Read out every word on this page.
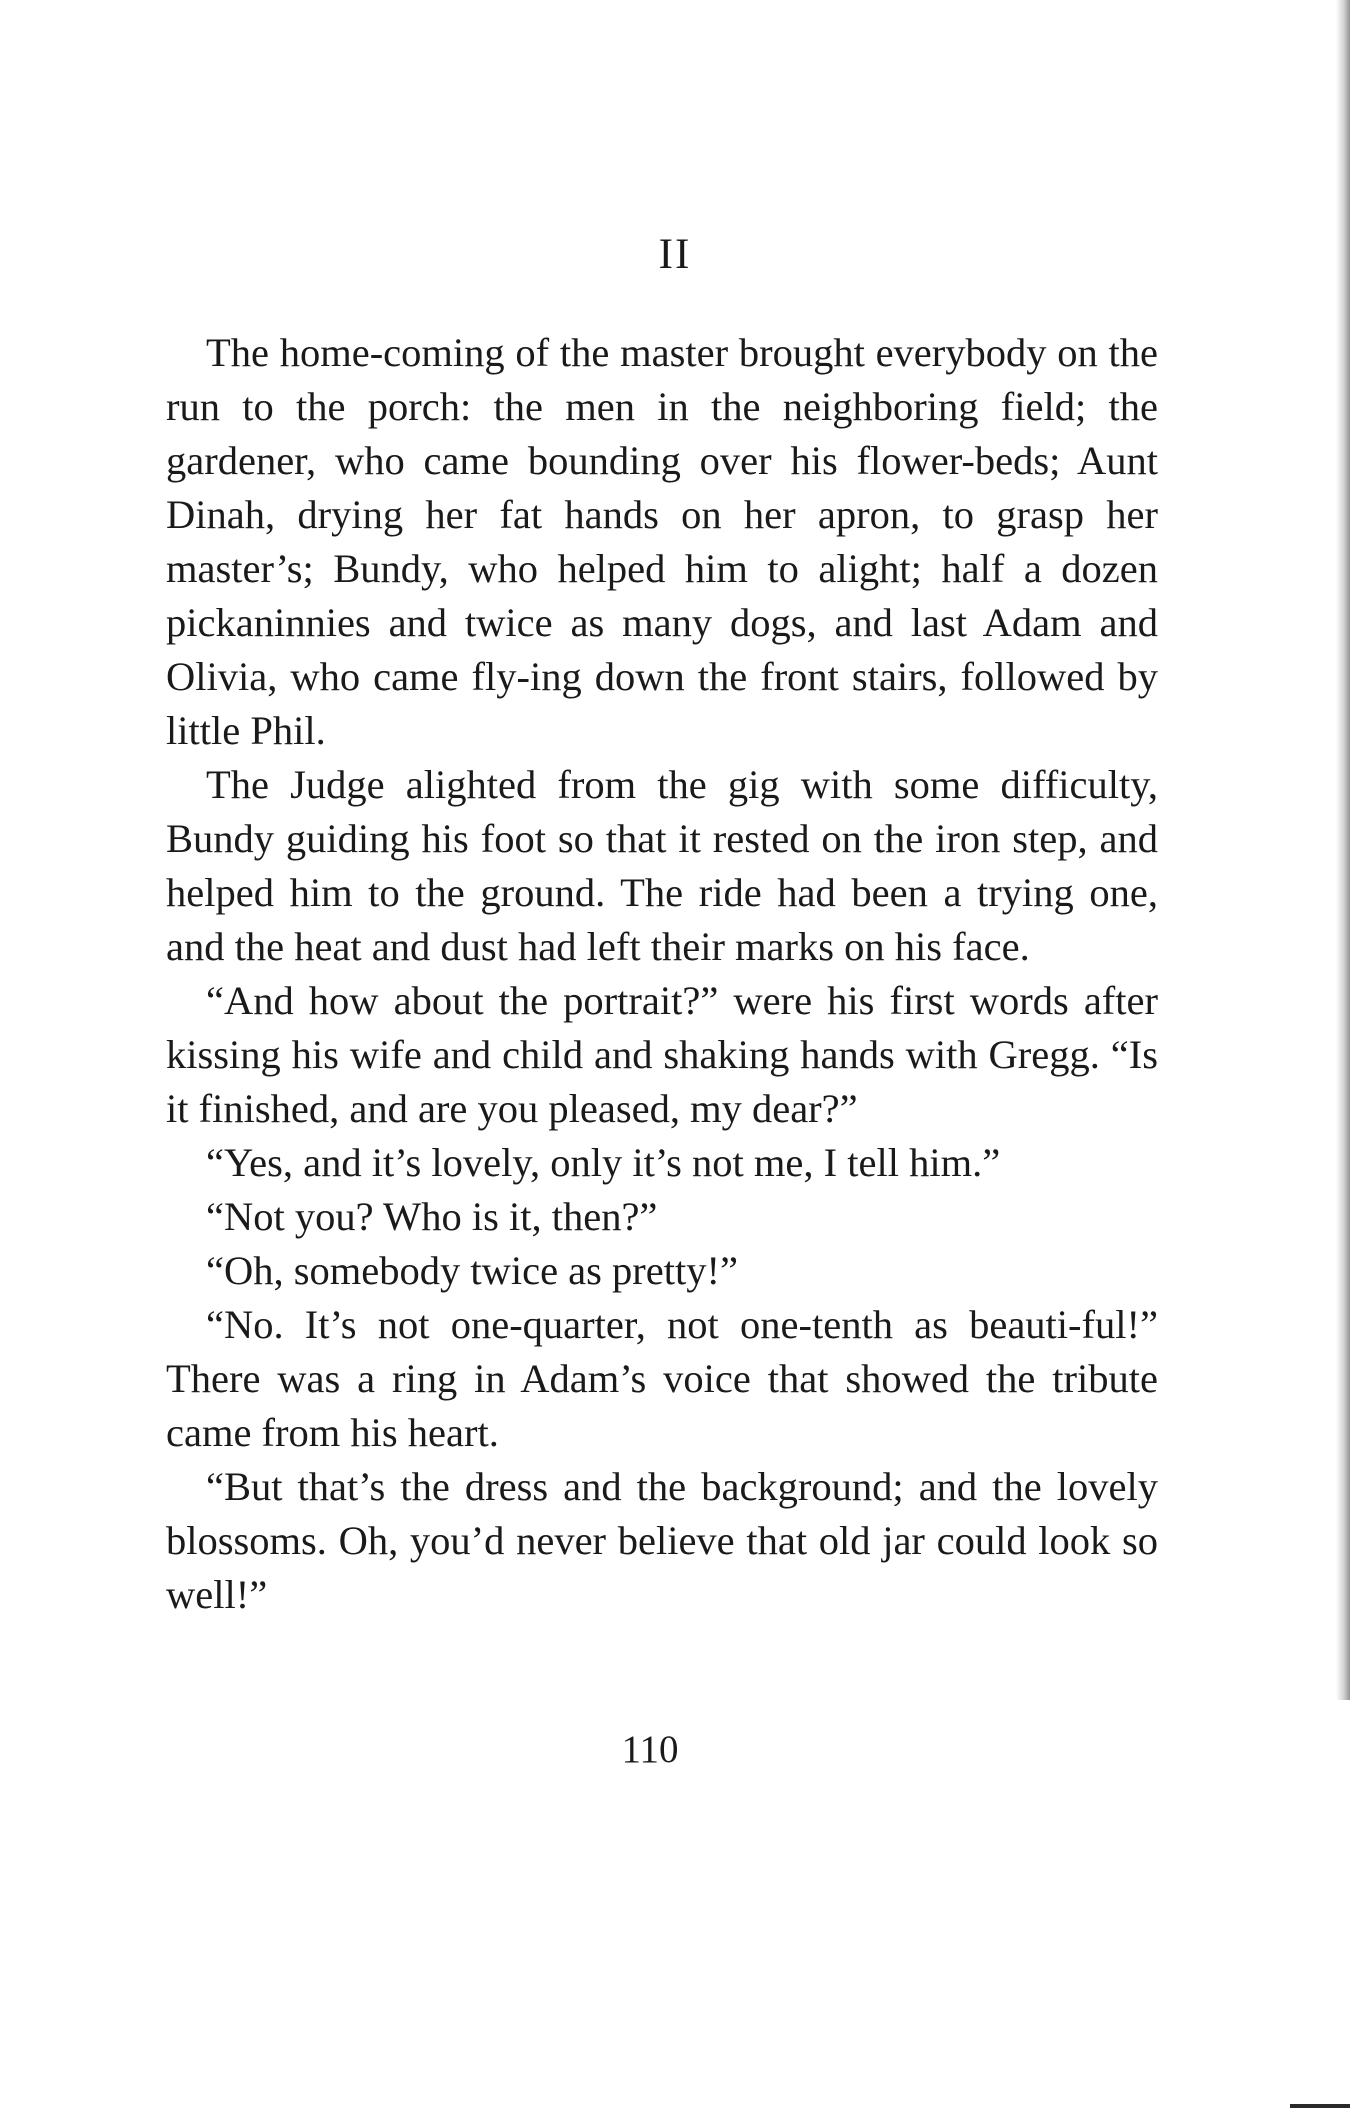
II

The home-coming of the master brought everybody on the run to the porch: the men in the neighboring field; the gardener, who came bounding over his flower-beds; Aunt Dinah, drying her fat hands on her apron, to grasp her master’s; Bundy, who helped him to alight; half a dozen pickaninnies and twice as many dogs, and last Adam and Olivia, who came fly-ing down the front stairs, followed by little Phil.

The Judge alighted from the gig with some difficulty, Bundy guiding his foot so that it rested on the iron step, and helped him to the ground. The ride had been a trying one, and the heat and dust had left their marks on his face.

“And how about the portrait?” were his first words after kissing his wife and child and shaking hands with Gregg. “Is it finished, and are you pleased, my dear?”

“Yes, and it’s lovely, only it’s not me, I tell him.”

“Not you? Who is it, then?”

“Oh, somebody twice as pretty!”

“No. It’s not one-quarter, not one-tenth as beauti-ful!” There was a ring in Adam’s voice that showed the tribute came from his heart.

“But that’s the dress and the background; and the lovely blossoms. Oh, you’d never believe that old jar could look so well!”

110
